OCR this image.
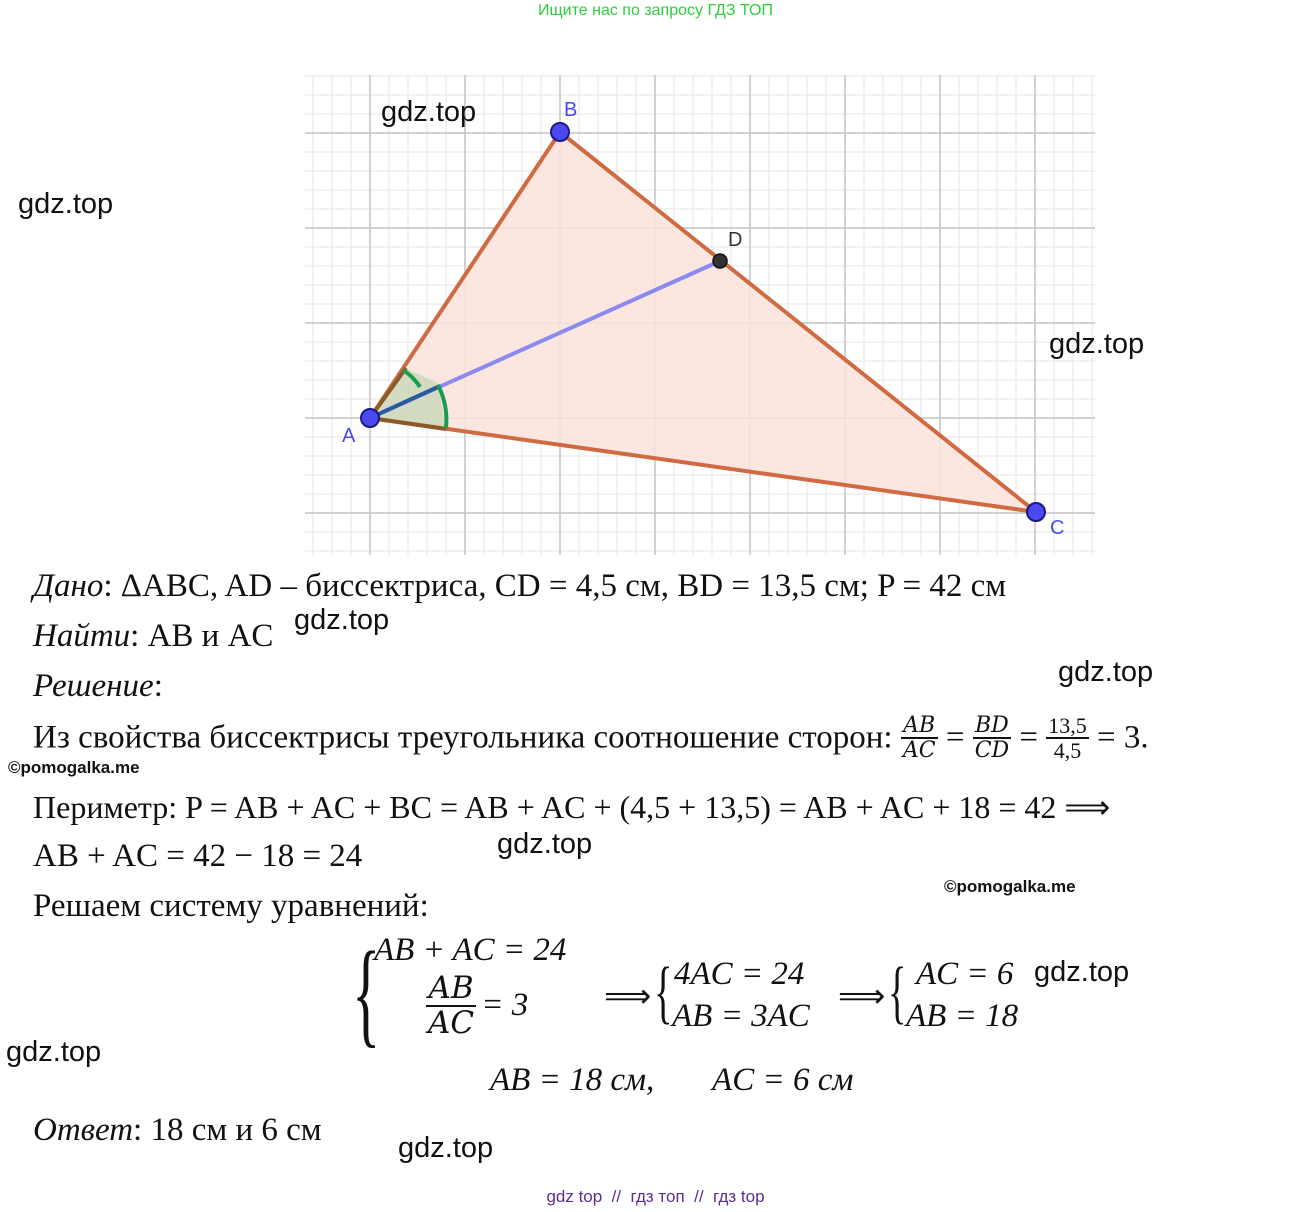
Ищите нас по запросу ГДЗ ТОП
A
B
C
D
gdz.top
gdz.top
gdz.top
gdz.top
gdz.top
gdz.top
gdz.top
gdz.top
gdz.top
©pomogalka.me
©pomogalka.me
Дано: ΔABC, AD – биссектриса, CD = 4,5 см, BD = 13,5 см; P = 42 см
Найти: AB и AC
Решение:
Из свойства биссектрисы треугольника соотношение сторон: $\frac{AB}{AC} = \frac{BD}{CD} = \frac{13,5}{4,5} = 3$.
Периметр: P = AB + AC + BC = AB + AC + (4,5 + 13,5) = AB + AC + 18 = 42 ⟹
AB + AC = 42 − 18 = 24
Решаем систему уравнений:
{
AB + AC = 24
$\frac{AB}{AC} = 3$ ⟹ { 4AC = 24
AB = 3AC
⟹ { AC = 6
AB = 18
AB = 18 см,       AC = 6 см
Ответ: 18 см и 6 см
gdz top  //  гдз топ  //  гдз top
